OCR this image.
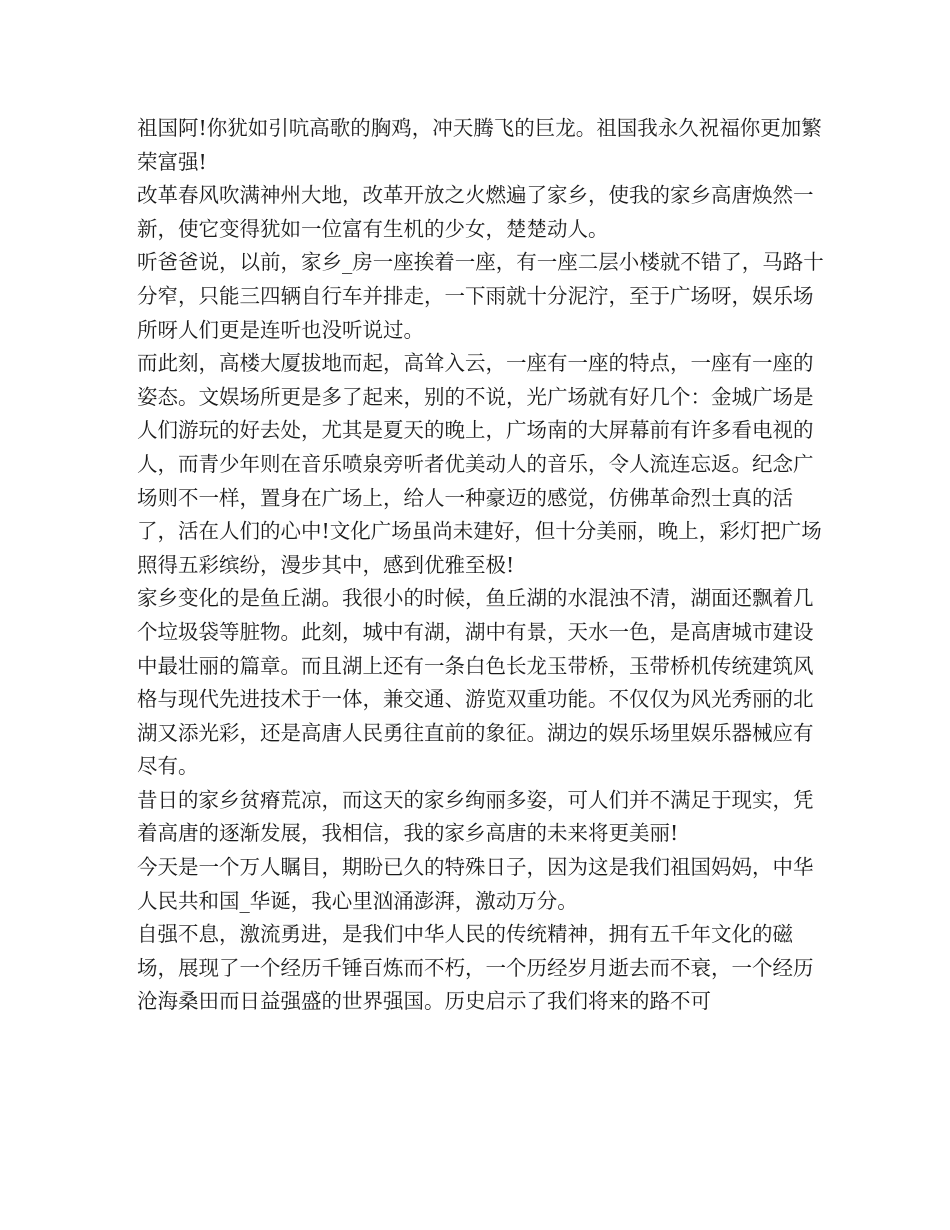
祖国阿!你犹如引吭高歌的胸鸡，冲天腾飞的巨龙。祖国我永久祝福你更加繁荣富强!

改革春风吹满神州大地，改革开放之火燃遍了家乡，使我的家乡高唐焕然一新，使它变得犹如一位富有生机的少女，楚楚动人。

听爸爸说，以前，家乡_房一座挨着一座，有一座二层小楼就不错了，马路十分窄，只能三四辆自行车并排走，一下雨就十分泥泞，至于广场呀，娱乐场所呀人们更是连听也没听说过。

而此刻，高楼大厦拔地而起，高耸入云，一座有一座的特点，一座有一座的姿态。文娱场所更是多了起来，别的不说，光广场就有好几个：金城广场是人们游玩的好去处，尤其是夏天的晚上，广场南的大屏幕前有许多看电视的人，而青少年则在音乐喷泉旁听者优美动人的音乐，令人流连忘返。纪念广场则不一样，置身在广场上，给人一种豪迈的感觉，仿佛革命烈士真的活了，活在人们的心中!文化广场虽尚未建好，但十分美丽，晚上，彩灯把广场照得五彩缤纷，漫步其中，感到优雅至极!

家乡变化的是鱼丘湖。我很小的时候，鱼丘湖的水混浊不清，湖面还飘着几个垃圾袋等脏物。此刻，城中有湖，湖中有景，天水一色，是高唐城市建设中最壮丽的篇章。而且湖上还有一条白色长龙玉带桥，玉带桥机传统建筑风格与现代先进技术于一体，兼交通、游览双重功能。不仅仅为风光秀丽的北湖又添光彩，还是高唐人民勇往直前的象征。湖边的娱乐场里娱乐器械应有尽有。

昔日的家乡贫瘠荒凉，而这天的家乡绚丽多姿，可人们并不满足于现实，凭着高唐的逐渐发展，我相信，我的家乡高唐的未来将更美丽!

今天是一个万人瞩目，期盼已久的特殊日子，因为这是我们祖国妈妈，中华人民共和国_华诞，我心里汹涌澎湃，激动万分。

自强不息，激流勇进，是我们中华人民的传统精神，拥有五千年文化的磁场，展现了一个经历千锤百炼而不朽，一个历经岁月逝去而不衰，一个经历沧海桑田而日益强盛的世界强国。历史启示了我们将来的路不可
